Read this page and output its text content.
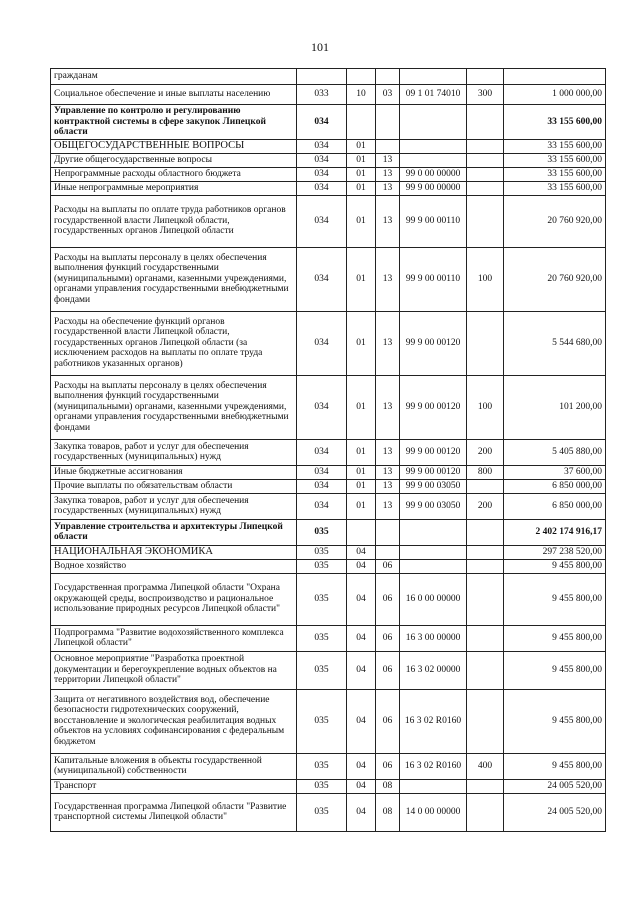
101
гражданам						
Социальное обеспечение и иные выплаты населению	033	10	03	09 1 01 74010	300	1 000 000,00
Управление по контролю и регулированию контрактной системы в сфере закупок Липецкой области	034					33 155 600,00
ОБЩЕГОСУДАРСТВЕННЫЕ ВОПРОСЫ	034	01				33 155 600,00
Другие общегосударственные вопросы	034	01	13			33 155 600,00
Непрограммные расходы областного бюджета	034	01	13	99 0 00 00000		33 155 600,00
Иные непрограммные мероприятия	034	01	13	99 9 00 00000		33 155 600,00
Расходы на выплаты по оплате труда работников органов государственной власти Липецкой области, государственных органов Липецкой области	034	01	13	99 9 00 00110		20 760 920,00
Расходы на выплаты персоналу в целях обеспечения выполнения функций государственными (муниципальными) органами, казенными учреждениями, органами управления государственными внебюджетными фондами	034	01	13	99 9 00 00110	100	20 760 920,00
Расходы на обеспечение функций органов государственной власти Липецкой области, государственных органов Липецкой области (за исключением расходов на выплаты по оплате труда работников указанных органов)	034	01	13	99 9 00 00120		5 544 680,00
Расходы на выплаты персоналу в целях обеспечения выполнения функций государственными (муниципальными) органами, казенными учреждениями, органами управления государственными внебюджетными фондами	034	01	13	99 9 00 00120	100	101 200,00
Закупка товаров, работ и услуг для обеспечения государственных (муниципальных) нужд	034	01	13	99 9 00 00120	200	5 405 880,00
Иные бюджетные ассигнования	034	01	13	99 9 00 00120	800	37 600,00
Прочие выплаты по обязательствам области	034	01	13	99 9 00 03050		6 850 000,00
Закупка товаров, работ и услуг для обеспечения государственных (муниципальных) нужд	034	01	13	99 9 00 03050	200	6 850 000,00
Управление строительства и архитектуры Липецкой области	035					2 402 174 916,17
НАЦИОНАЛЬНАЯ ЭКОНОМИКА	035	04				297 238 520,00
Водное хозяйство	035	04	06			9 455 800,00
Государственная программа Липецкой области "Охрана окружающей среды, воспроизводство и рациональное использование природных ресурсов Липецкой области"	035	04	06	16 0 00 00000		9 455 800,00
Подпрограмма "Развитие водохозяйственного комплекса Липецкой области"	035	04	06	16 3 00 00000		9 455 800,00
Основное мероприятие "Разработка проектной документации и берегоукрепление водных объектов на территории Липецкой области"	035	04	06	16 3 02 00000		9 455 800,00
Защита от негативного воздействия вод, обеспечение безопасности гидротехнических сооружений, восстановление и экологическая реабилитация водных объектов на условиях софинансирования с федеральным бюджетом	035	04	06	16 3 02 R0160		9 455 800,00
Капитальные вложения в объекты государственной (муниципальной) собственности	035	04	06	16 3 02 R0160	400	9 455 800,00
Транспорт	035	04	08			24 005 520,00
Государственная программа Липецкой области "Развитие транспортной системы Липецкой области"	035	04	08	14 0 00 00000		24 005 520,00
